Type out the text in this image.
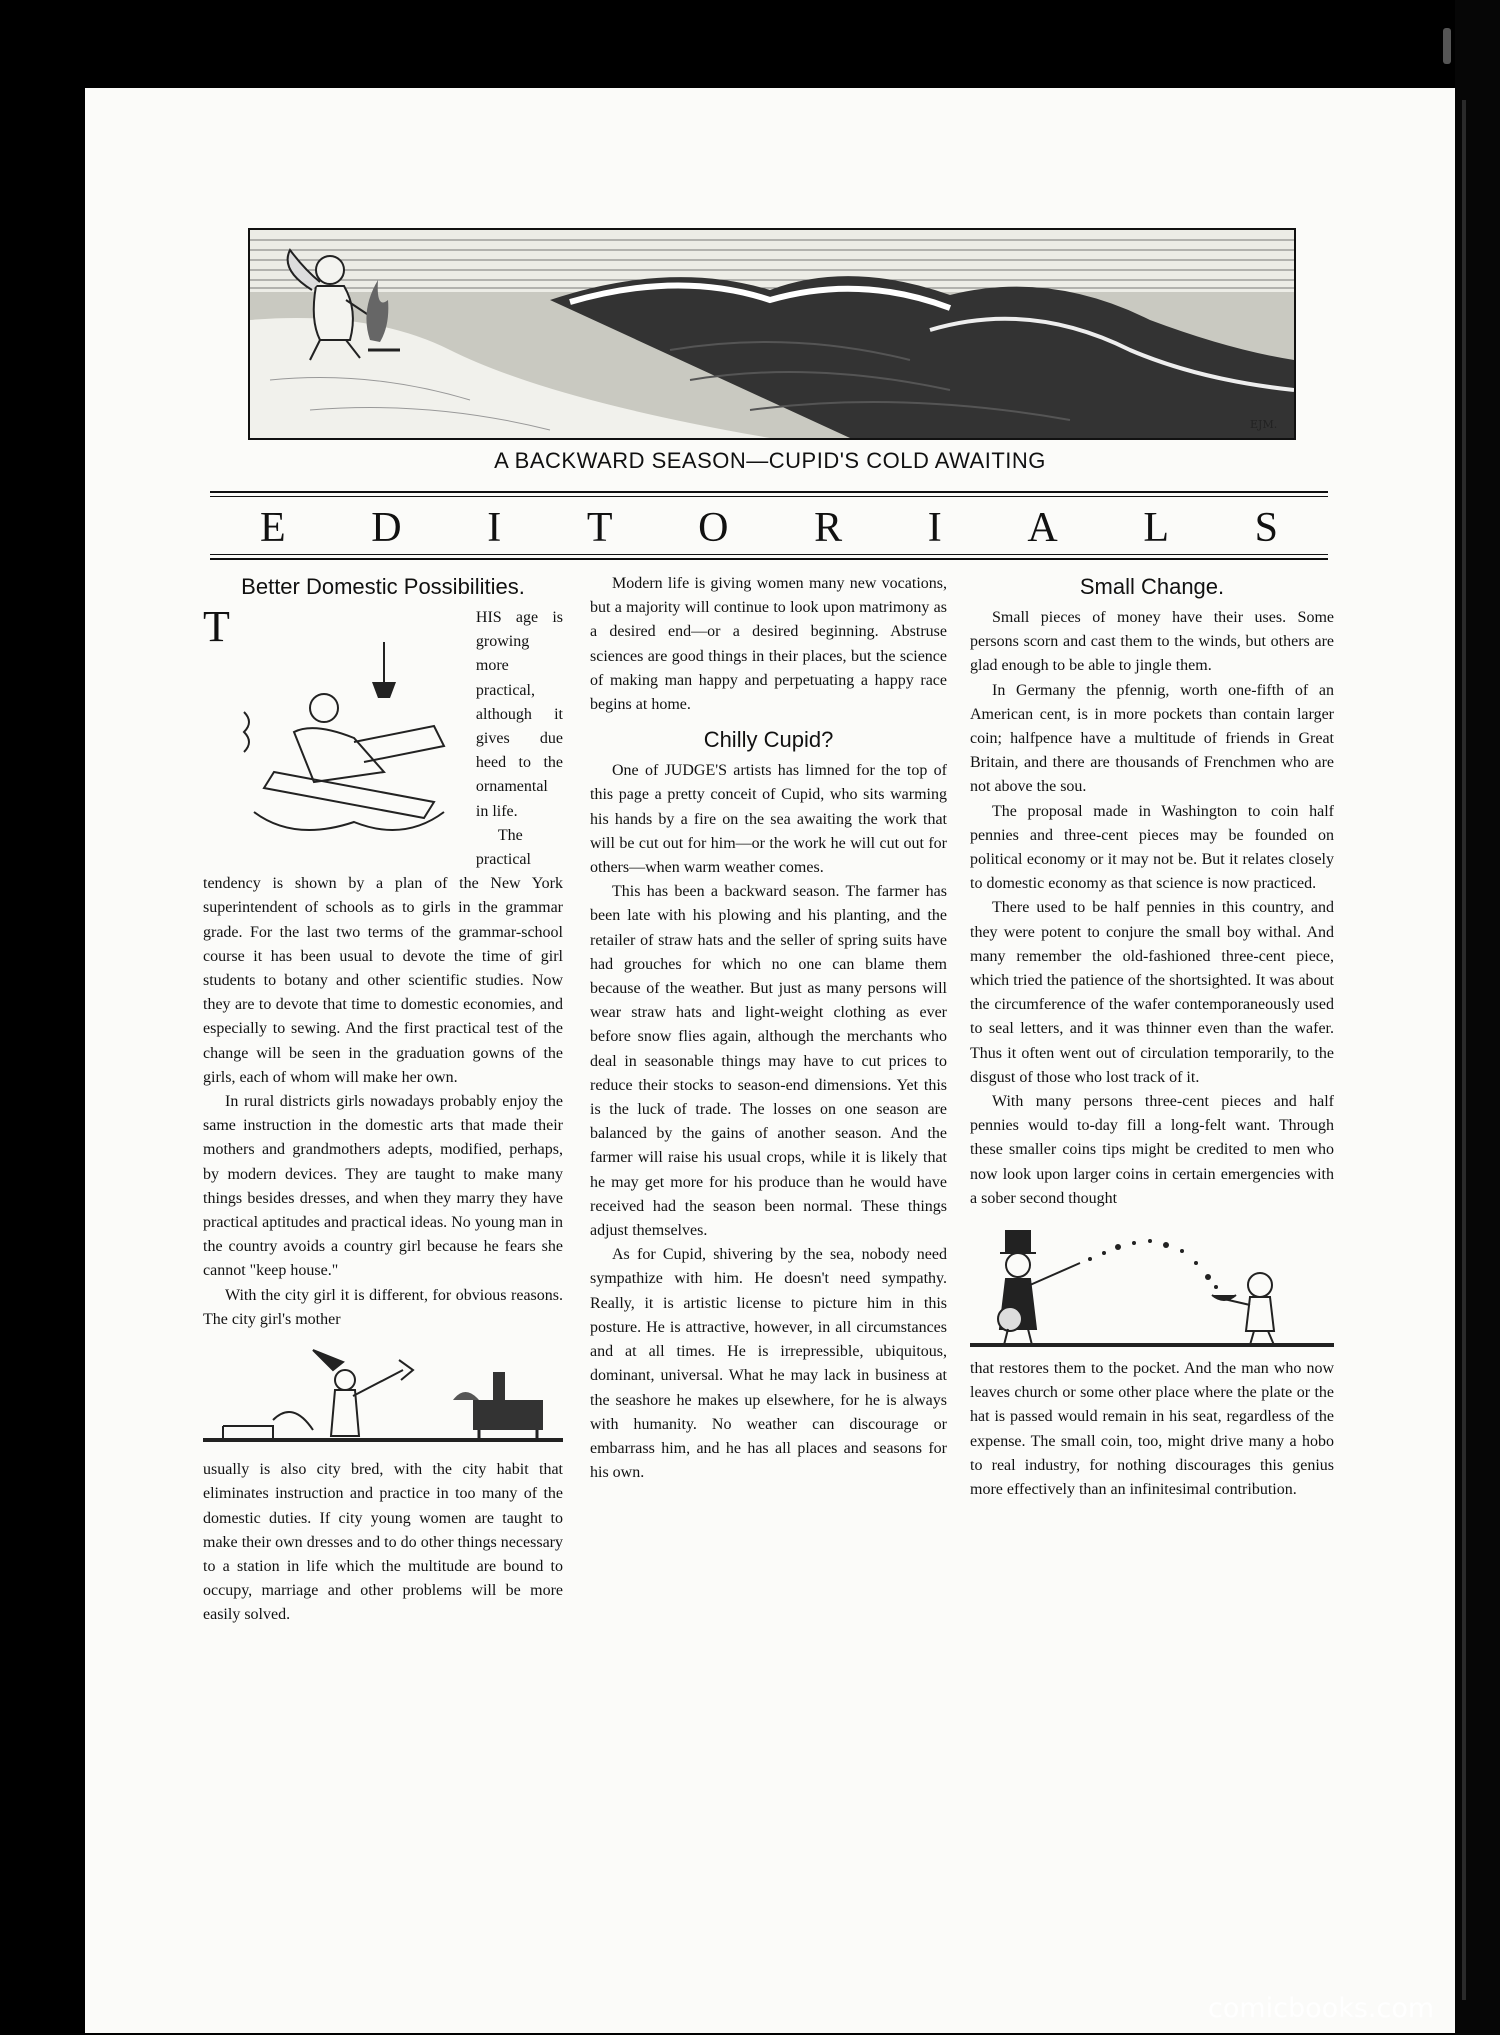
EJM.
A BACKWARD SEASON—CUPID'S COLD AWAITING
E D I T O R I A L S
Better Domestic Possibilities.
T	HIS age is growing more practical, although it gives due heed to the ornamental in life.

The practical tendency is shown by a plan of the New York superintendent of schools as to girls in the grammar grade. For the last two terms of the grammar-school course it has been usual to devote the time of girl students to botany and other scientific studies. Now they are to devote that time to domestic economies, and especially to sewing. And the first practical test of the change will be seen in the graduation gowns of the girls, each of whom will make her own.

In rural districts girls nowadays probably enjoy the same instruction in the domestic arts that made their mothers and grandmothers adepts, modified, perhaps, by modern devices. They are taught to make many things besides dresses, and when they marry they have practical aptitudes and practical ideas. No young man in the country avoids a country girl because he fears she cannot "keep house."

With the city girl it is different, for obvious reasons. The city girl's mother

usually is also city bred, with the city habit that eliminates instruction and practice in too many of the domestic duties. If city young women are taught to make their own dresses and to do other things necessary to a station in life which the multitude are bound to occupy, marriage and other problems will be more easily solved.

Modern life is giving women many new vocations, but a majority will continue to look upon matrimony as a desired end—or a desired beginning. Abstruse sciences are good things in their places, but the science of making man happy and perpetuating a happy race begins at home.

Chilly Cupid?

One of JUDGE'S artists has limned for the top of this page a pretty conceit of Cupid, who sits warming his hands by a fire on the sea awaiting the work that will be cut out for him—or the work he will cut out for others—when warm weather comes.

This has been a backward season. The farmer has been late with his plowing and his planting, and the retailer of straw hats and the seller of spring suits have had grouches for which no one can blame them because of the weather. But just as many persons will wear straw hats and light-weight clothing as ever before snow flies again, although the merchants who deal in seasonable things may have to cut prices to reduce their stocks to season-end dimensions. Yet this is the luck of trade. The losses on one season are balanced by the gains of another season. And the farmer will raise his usual crops, while it is likely that he may get more for his produce than he would have received had the season been normal. These things adjust themselves.

As for Cupid, shivering by the sea, nobody need sympathize with him. He doesn't need sympathy. Really, it is artistic license to picture him in this posture. He is attractive, however, in all circumstances and at all times. He is irrepressible, ubiquitous, dominant, universal. What he may lack in business at the seashore he makes up elsewhere, for he is always with humanity. No weather can discourage or embarrass him, and he has all places and seasons for his own.

Small Change.

Small pieces of money have their uses. Some persons scorn and cast them to the winds, but others are glad enough to be able to jingle them.

In Germany the pfennig, worth one-fifth of an American cent, is in more pockets than contain larger coin; halfpence have a multitude of friends in Great Britain, and there are thousands of Frenchmen who are not above the sou.

The proposal made in Washington to coin half pennies and three-cent pieces may be founded on political economy or it may not be. But it relates closely to domestic economy as that science is now practiced.

There used to be half pennies in this country, and they were potent to conjure the small boy withal. And many remember the old-fashioned three-cent piece, which tried the patience of the shortsighted. It was about the circumference of the wafer contemporaneously used to seal letters, and it was thinner even than the wafer. Thus it often went out of circulation temporarily, to the disgust of those who lost track of it.

With many persons three-cent pieces and half pennies would to-day fill a long-felt want. Through these smaller coins tips might be credited to men who now look upon larger coins in certain emergencies with a sober second thought

that restores them to the pocket. And the man who now leaves church or some other place where the plate or the hat is passed would remain in his seat, regardless of the expense. The small coin, too, might drive many a hobo to real industry, for nothing discourages this genius more effectively than an infinitesimal contribution.

comicbooks.com
